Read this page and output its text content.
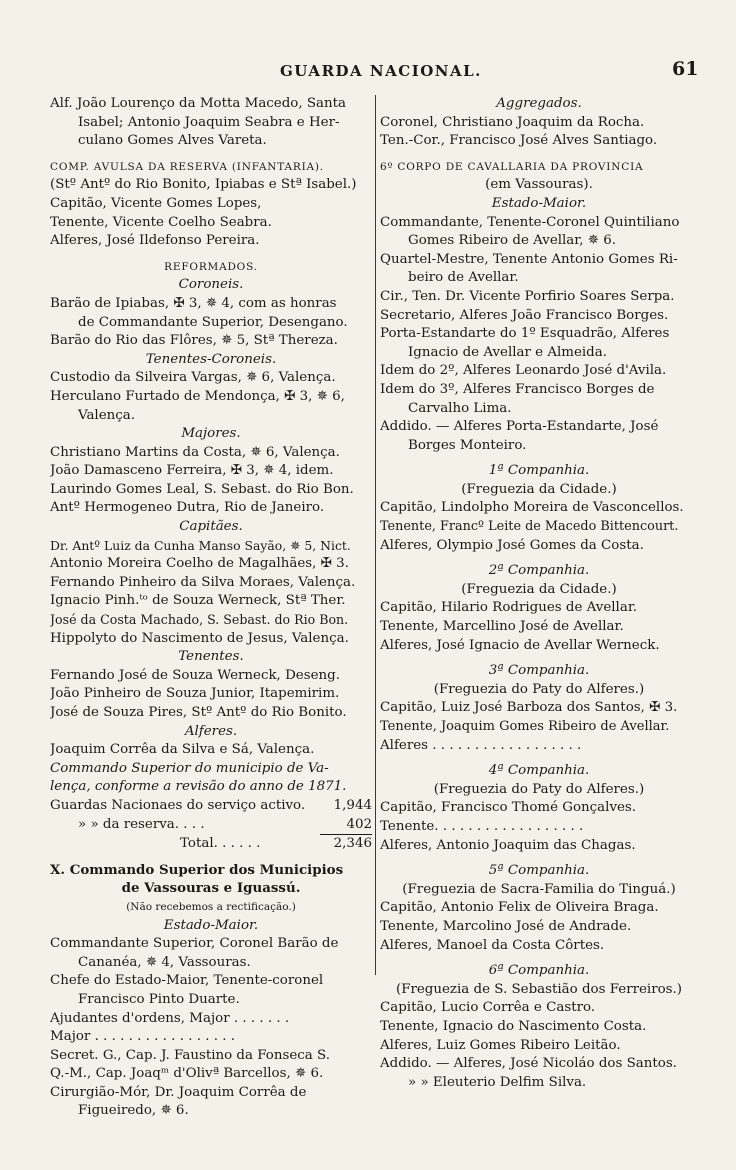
GUARDA NACIONAL.	61
Alf. João Lourenço da Motta Macedo, Santa
Isabel; Antonio Joaquim Seabra e Her-
culano Gomes Alves Vareta.
COMP. AVULSA DA RESERVA (INFANTARIA).
(Stº Antº do Rio Bonito, Ipiabas e Stª Isabel.)
Capitão, Vicente Gomes Lopes,
Tenente, Vicente Coelho Seabra.
Alferes, José Ildefonso Pereira.
REFORMADOS.
Coroneis.
Barão de Ipiabas, ✠ 3, ✵ 4, com as honras
de Commandante Superior, Desengano.
Barão do Rio das Flôres, ✵ 5, Stª Thereza.
Tenentes-Coroneis.
Custodio da Silveira Vargas, ✵ 6, Valença.
Herculano Furtado de Mendonça, ✠ 3, ✵ 6,
Valença.
Majores.
Christiano Martins da Costa, ✵ 6, Valença.
João Damasceno Ferreira, ✠ 3, ✵ 4, idem.
Laurindo Gomes Leal, S. Sebast. do Rio Bon.
Antº Hermogeneo Dutra, Rio de Janeiro.
Capitães.
Dr. Antº Luiz da Cunha Manso Sayão, ✵ 5, Nict.
Antonio Moreira Coelho de Magalhães, ✠ 3.
Fernando Pinheiro da Silva Moraes, Valença.
Ignacio Pinh.ᵗᵒ de Souza Werneck, Stª Ther.
José da Costa Machado, S. Sebast. do Rio Bon.
Hippolyto do Nascimento de Jesus, Valença.
Tenentes.
Fernando José de Souza Werneck, Deseng.
João Pinheiro de Souza Junior, Itapemirim.
José de Souza Pires, Stº Antº do Rio Bonito.
Alferes.
Joaquim Corrêa da Silva e Sá, Valença.
Commando Superior do municipio de Va-
lença, conforme a revisão do anno de 1871.
Guardas Nacionaes do serviço activo. 1,944
» » da reserva. . . .	402
Total. . . . . .	2,346
X. Commando Superior dos Municipios
de Vassouras e Iguassú.
(Não recebemos a rectificação.)
Estado-Maior.
Commandante Superior, Coronel Barão de
Cananéa, ✵ 4, Vassouras.
Chefe do Estado-Maior, Tenente-coronel
Francisco Pinto Duarte.
Ajudantes d'ordens, Major . . . . . . .
Major . . . . . . . . . . . . . . . . .
Secret. G., Cap. J. Faustino da Fonseca S.
Q.-M., Cap. Joaqᵐ d'Olivª Barcellos, ✵ 6.
Cirurgião-Mór, Dr. Joaquim Corrêa de
Figueiredo, ✵ 6.
Aggregados.
Coronel, Christiano Joaquim da Rocha.
Ten.-Cor., Francisco José Alves Santiago.
6º CORPO DE CAVALLARIA DA PROVINCIA
(em Vassouras).
Estado-Maior.
Commandante, Tenente-Coronel Quintiliano
Gomes Ribeiro de Avellar, ✵ 6.
Quartel-Mestre, Tenente Antonio Gomes Ri-
beiro de Avellar.
Cir., Ten. Dr. Vicente Porfirio Soares Serpa.
Secretario, Alferes João Francisco Borges.
Porta-Estandarte do 1º Esquadrão, Alferes
Ignacio de Avellar e Almeida.
Idem do 2º, Alferes Leonardo José d'Avila.
Idem do 3º, Alferes Francisco Borges de
Carvalho Lima.
Addido. — Alferes Porta-Estandarte, José
Borges Monteiro.
1ª Companhia.
(Freguezia da Cidade.)
Capitão, Lindolpho Moreira de Vasconcellos.
Tenente, Francº Leite de Macedo Bittencourt.
Alferes, Olympio José Gomes da Costa.
2ª Companhia.
(Freguezia da Cidade.)
Capitão, Hilario Rodrigues de Avellar.
Tenente, Marcellino José de Avellar.
Alferes, José Ignacio de Avellar Werneck.
3ª Companhia.
(Freguezia do Paty do Alferes.)
Capitão, Luiz José Barboza dos Santos, ✠ 3.
Tenente, Joaquim Gomes Ribeiro de Avellar.
Alferes . . . . . . . . . . . . . . . . . .
4ª Companhia.
(Freguezia do Paty do Alferes.)
Capitão, Francisco Thomé Gonçalves.
Tenente. . . . . . . . . . . . . . . . . .
Alferes, Antonio Joaquim das Chagas.
5ª Companhia.
(Freguezia de Sacra-Familia do Tinguá.)
Capitão, Antonio Felix de Oliveira Braga.
Tenente, Marcolino José de Andrade.
Alferes, Manoel da Costa Côrtes.
6ª Companhia.
(Freguezia de S. Sebastião dos Ferreiros.)
Capitão, Lucio Corrêa e Castro.
Tenente, Ignacio do Nascimento Costa.
Alferes, Luiz Gomes Ribeiro Leitão.
Addido. — Alferes, José Nicoláo dos Santos.
» » Eleuterio Delfim Silva.
